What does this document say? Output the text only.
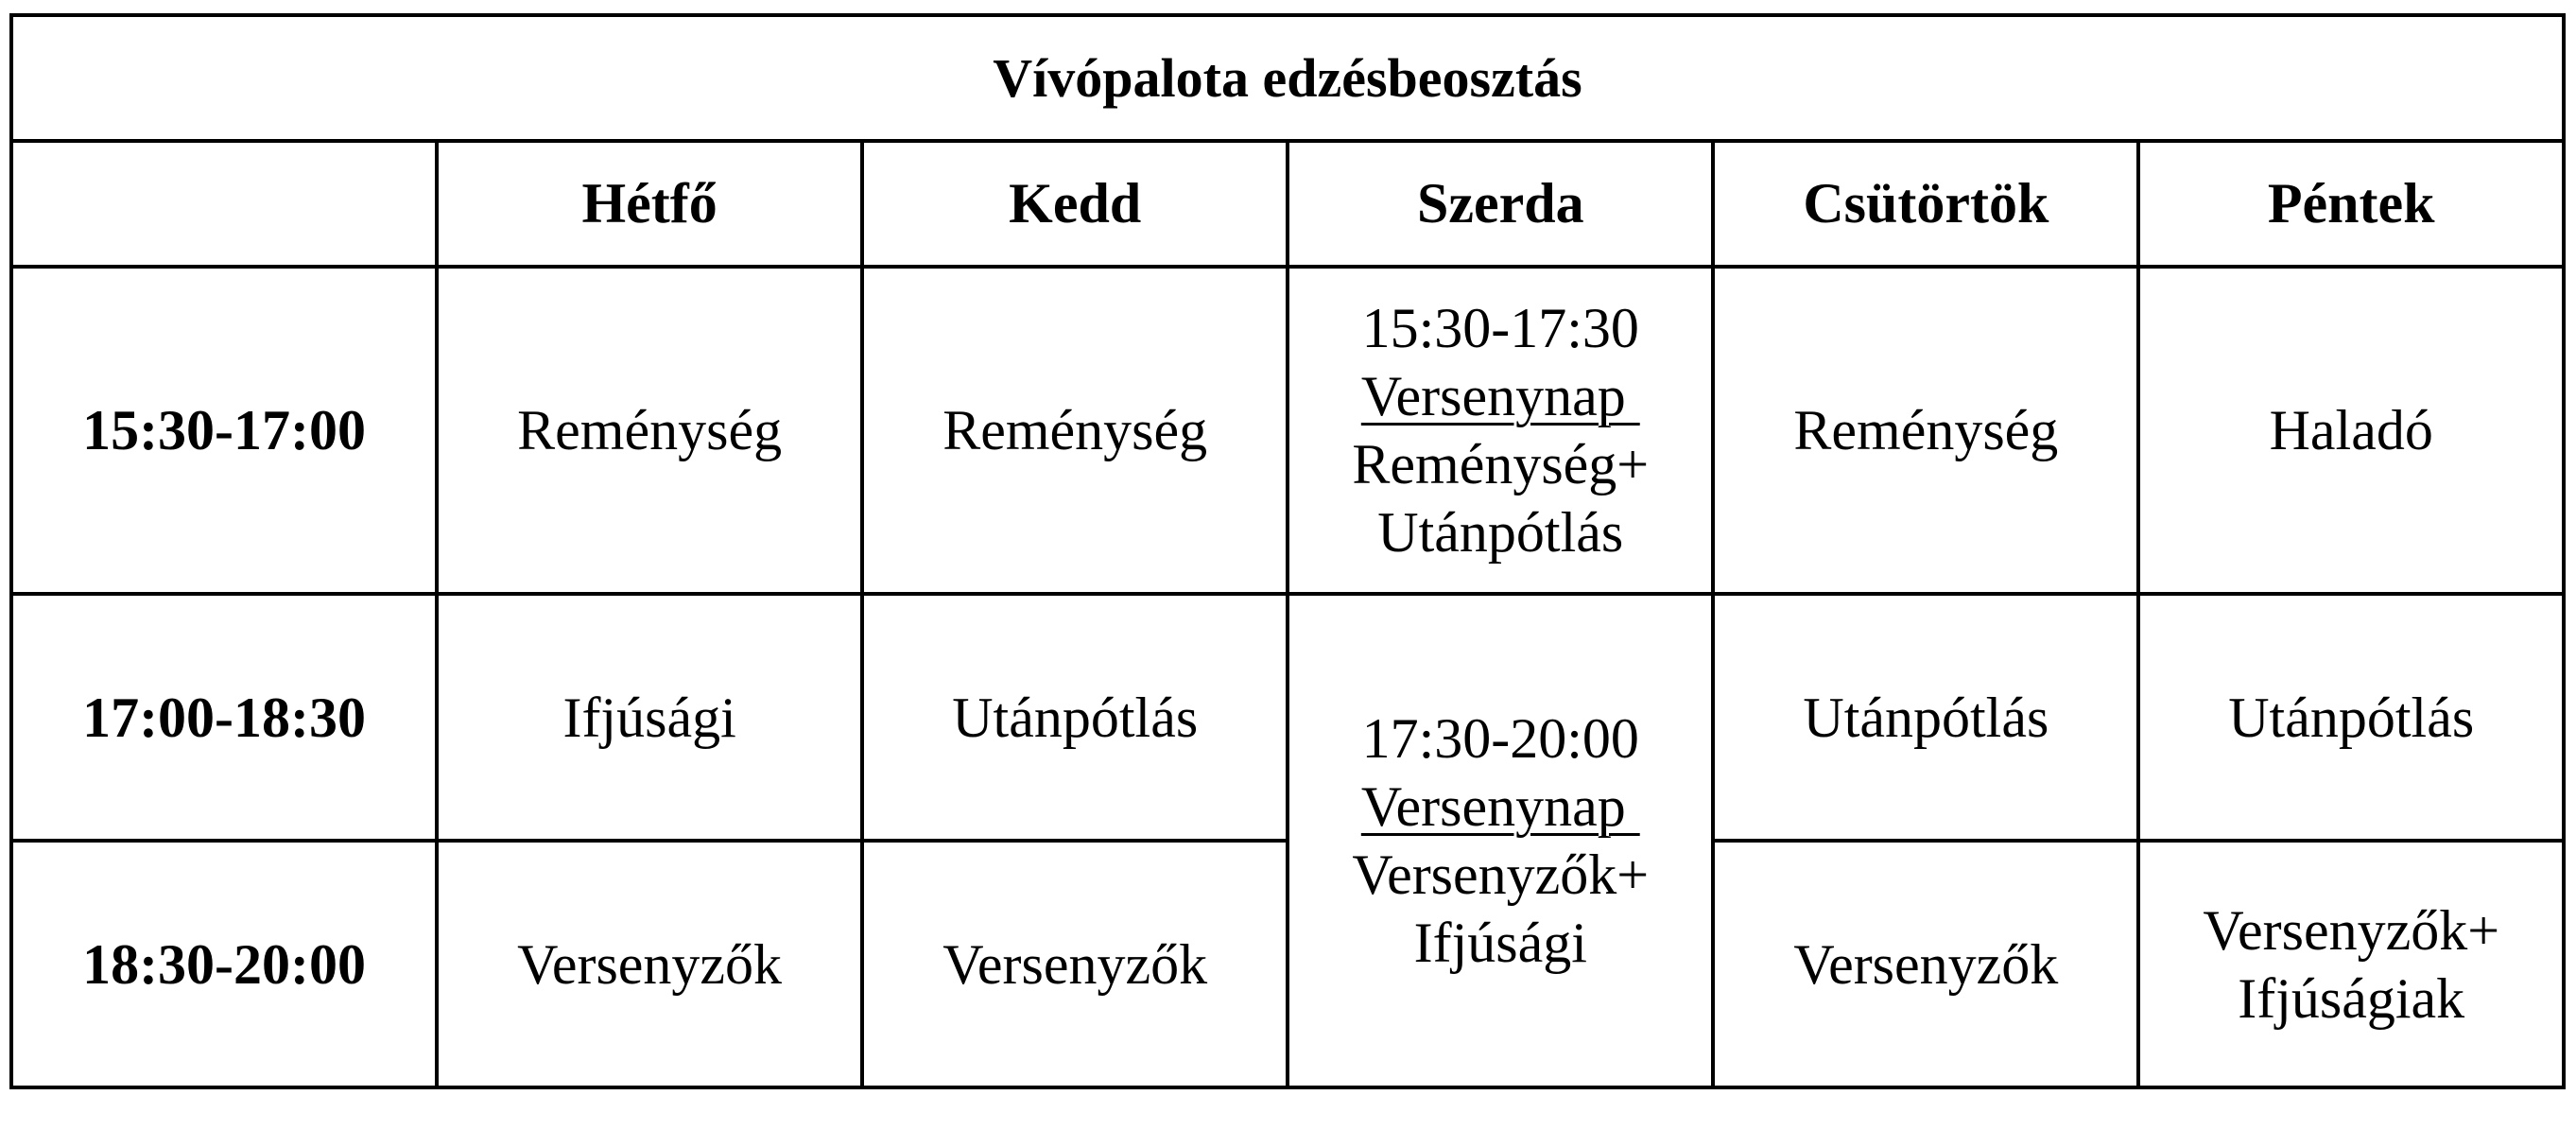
Vívópalota edzésbeosztás					
	Hétfő	Kedd	Szerda	Csütörtök	Péntek
15:30-17:00	Reménység	Reménység	15:30-17:30
Versenynap
Reménység+
Utánpótlás	Reménység	Haladó
17:00-18:30	Ifjúsági	Utánpótlás	17:30-20:00
Versenynap
Versenyzők+
Ifjúsági	Utánpótlás	Utánpótlás
18:30-20:00	Versenyzők	Versenyzők		Versenyzők	Versenyzők+
Ifjúságiak
